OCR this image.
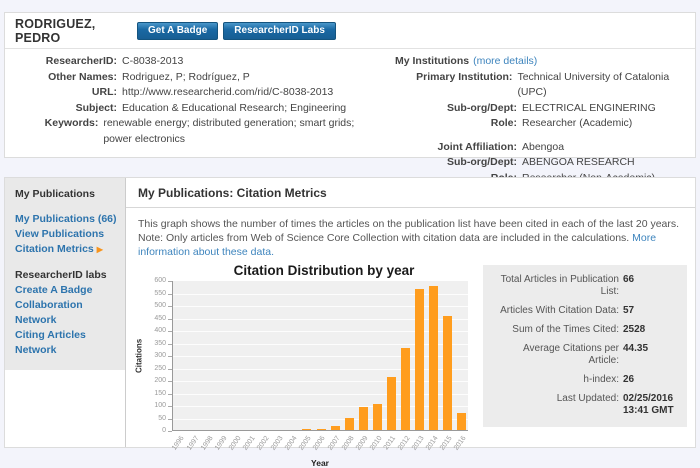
RODRIGUEZ, PEDRO
Get A Badge	ResearcherID Labs
ResearcherID: C-8038-2013
Other Names: Rodriguez, P; Rodríguez, P
URL: http://www.researcherid.com/rid/C-8038-2013
Subject: Education & Educational Research; Engineering
Keywords: renewable energy; distributed generation; smart grids; power electronics
My Institutions (more details)
Primary Institution: Technical University of Catalonia (UPC)
Sub-org/Dept: ELECTRICAL ENGINERING
Role: Researcher (Academic)
Joint Affiliation: Abengoa
Sub-org/Dept: ABENGOA RESEARCH
My Publications
My Publications (66)
View Publications
Citation Metrics ▶
ResearcherID labs
Create A Badge
Collaboration Network
Citing Articles Network
My Publications: Citation Metrics
This graph shows the number of times the articles on the publication list have been cited in each of the last 20 years.
Note: Only articles from Web of Science Core Collection with citation data are included in the calculations. More information about these data.
Citation Distribution by year
Citations
0
50
100
150
200
250
300
350
400
450
500
550
600
1996 1997 1998 1999 2000 2001 2002 2003 2004 2005 2006 2007 2008 2009 2010 2011 2012 2013 2014 2015 2016
Year
Total Articles in Publication List:
66
Articles With Citation Data: 57
Sum of the Times Cited: 2528
Average Citations per Article:
44.35
h-index: 26
Last Updated: 02/25/2016 13:41 GMT
